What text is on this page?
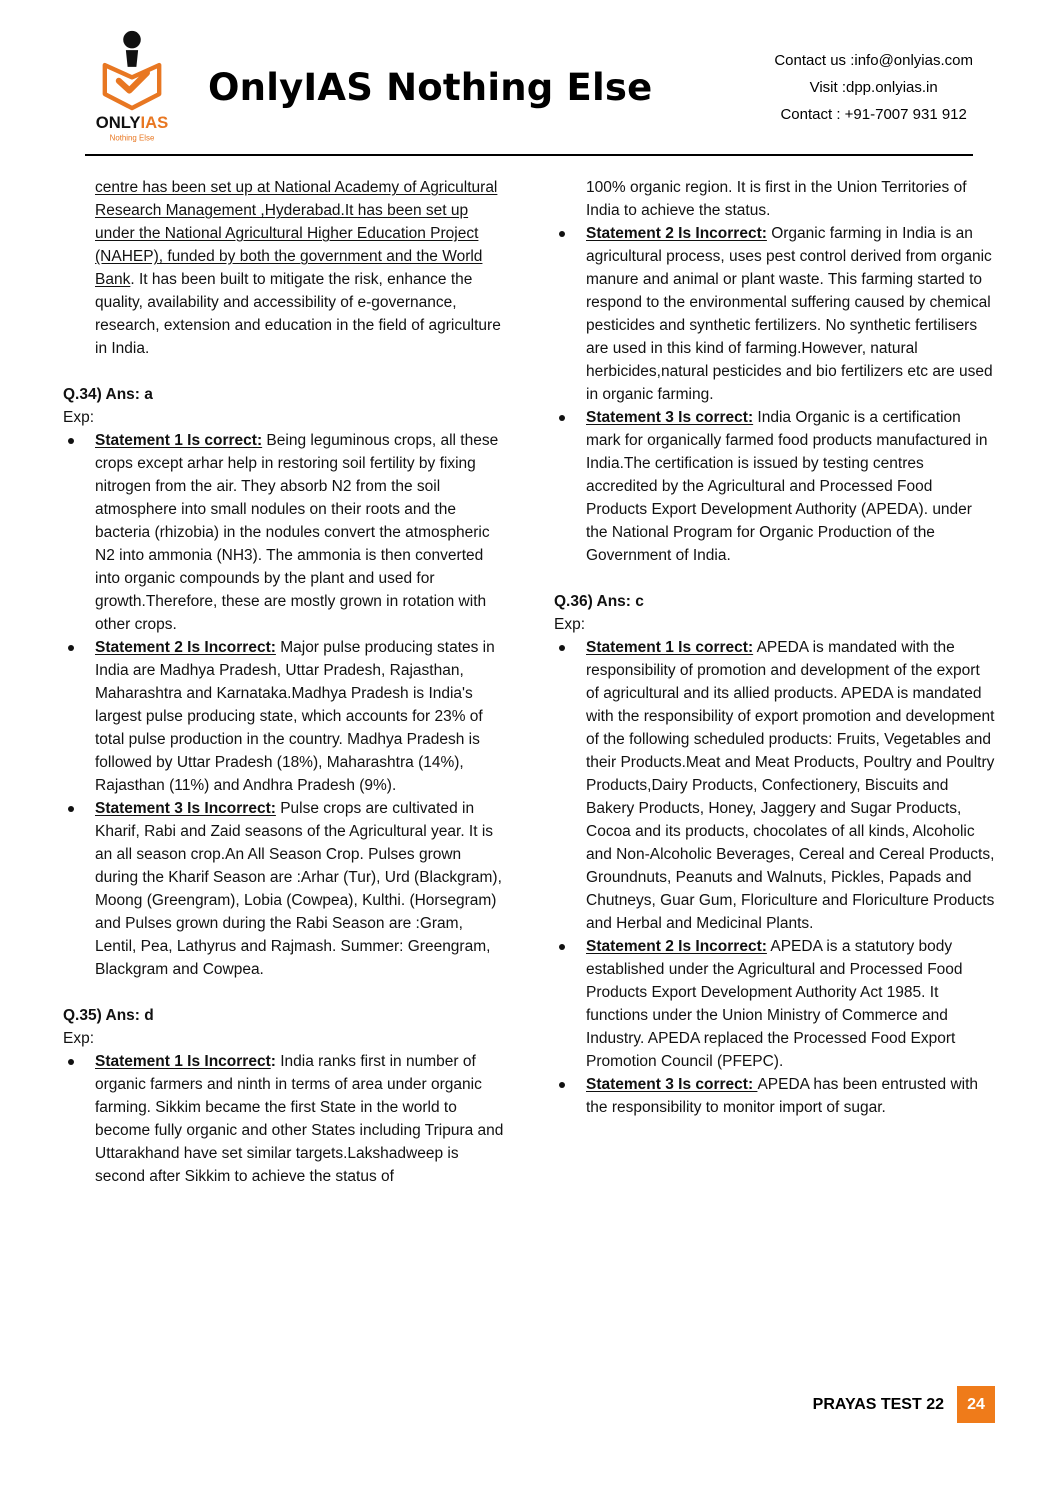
ONLYIAS
Nothing Else
OnlyIAS Nothing Else
Contact us :info@onlyias.com
Visit :dpp.onlyias.in
Contact : +91-7007 931 912

centre has been set up at National Academy of Agricultural Research Management ,Hyderabad.It has been set up under the National Agricultural Higher Education Project (NAHEP), funded by both the government and the World Bank. It has been built to mitigate the risk, enhance the quality, availability and accessibility of e-governance, research, extension and education in the field of agriculture in India.

Q.34) Ans: a

Exp:

Statement 1 Is correct: Being leguminous crops, all these crops except arhar help in restoring soil fertility by fixing nitrogen from the air. They absorb N2 from the soil atmosphere into small nodules on their roots and the bacteria (rhizobia) in the nodules convert the atmospheric N2 into ammonia (NH3). The ammonia is then converted into organic compounds by the plant and used for growth.Therefore, these are mostly grown in rotation with other crops.
Statement 2 Is Incorrect: Major pulse producing states in India are Madhya Pradesh, Uttar Pradesh, Rajasthan, Maharashtra and Karnataka.Madhya Pradesh is India's largest pulse producing state, which accounts for 23% of total pulse production in the country. Madhya Pradesh is followed by Uttar Pradesh (18%), Maharashtra (14%), Rajasthan (11%) and Andhra Pradesh (9%).
Statement 3 Is Incorrect: Pulse crops are cultivated in Kharif, Rabi and Zaid seasons of the Agricultural year. It is an all season crop.An All Season Crop. Pulses grown during the Kharif Season are :Arhar (Tur), Urd (Blackgram), Moong (Greengram), Lobia (Cowpea), Kulthi. (Horsegram) and Pulses grown during the Rabi Season are :Gram, Lentil, Pea, Lathyrus and Rajmash. Summer: Greengram, Blackgram and Cowpea.

Q.35) Ans: d

Exp:

Statement 1 Is Incorrect: India ranks first in number of organic farmers and ninth in terms of area under organic farming. Sikkim became the first State in the world to become fully organic and other States including Tripura and Uttarakhand have set similar targets.Lakshadweep is second after Sikkim to achieve the status of

100% organic region. It is first in the Union Territories of India to achieve the status.

Statement 2 Is Incorrect: Organic farming in India is an agricultural process, uses pest control derived from organic manure and animal or plant waste. This farming started to respond to the environmental suffering caused by chemical pesticides and synthetic fertilizers. No synthetic fertilisers are used in this kind of farming.However, natural herbicides,natural pesticides and bio fertilizers etc are used in organic farming.
Statement 3 Is correct: India Organic is a certification mark for organically farmed food products manufactured in India.The certification is issued by testing centres accredited by the Agricultural and Processed Food Products Export Development Authority (APEDA). under the National Program for Organic Production of the Government of India.

Q.36) Ans: c

Exp:

Statement 1 Is correct: APEDA is mandated with the responsibility of promotion and development of the export of agricultural and its allied products. APEDA is mandated with the responsibility of export promotion and development of the following scheduled products: Fruits, Vegetables and their Products.Meat and Meat Products, Poultry and Poultry Products,Dairy Products, Confectionery, Biscuits and Bakery Products, Honey, Jaggery and Sugar Products, Cocoa and its products, chocolates of all kinds, Alcoholic and Non-Alcoholic Beverages, Cereal and Cereal Products, Groundnuts, Peanuts and Walnuts, Pickles, Papads and Chutneys, Guar Gum, Floriculture and Floriculture Products and Herbal and Medicinal Plants.
Statement 2 Is Incorrect: APEDA is a statutory body established under the Agricultural and Processed Food Products Export Development Authority Act 1985. It functions under the Union Ministry of Commerce and Industry. APEDA replaced the Processed Food Export Promotion Council (PFEPC).
Statement 3 Is correct: APEDA has been entrusted with the responsibility to monitor import of sugar.
PRAYAS TEST 22	24
